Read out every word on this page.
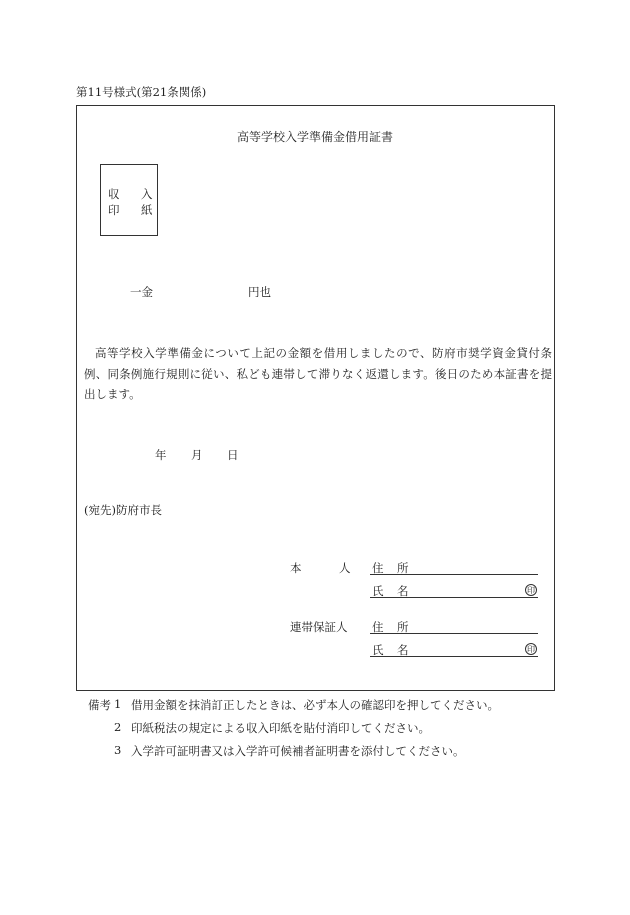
第11号様式(第21条関係)
高等学校入学準備金借用証書
収 入
印 紙
一金	円也
高等学校入学準備金について上記の金額を借用しましたので、防府市奨学資金貸付条例、同条例施行規則に従い、私ども連帯して滞りなく返還します。後日のため本証書を提出します。
年 月 日
(宛先)防府市長
本	人 住 所
氏 名	印
連帯保証人 住 所
氏 名	印
備考 1 借用金額を抹消訂正したときは、必ず本人の確認印を押してください。
2 印紙税法の規定による収入印紙を貼付消印してください。
3 入学許可証明書又は入学許可候補者証明書を添付してください。
